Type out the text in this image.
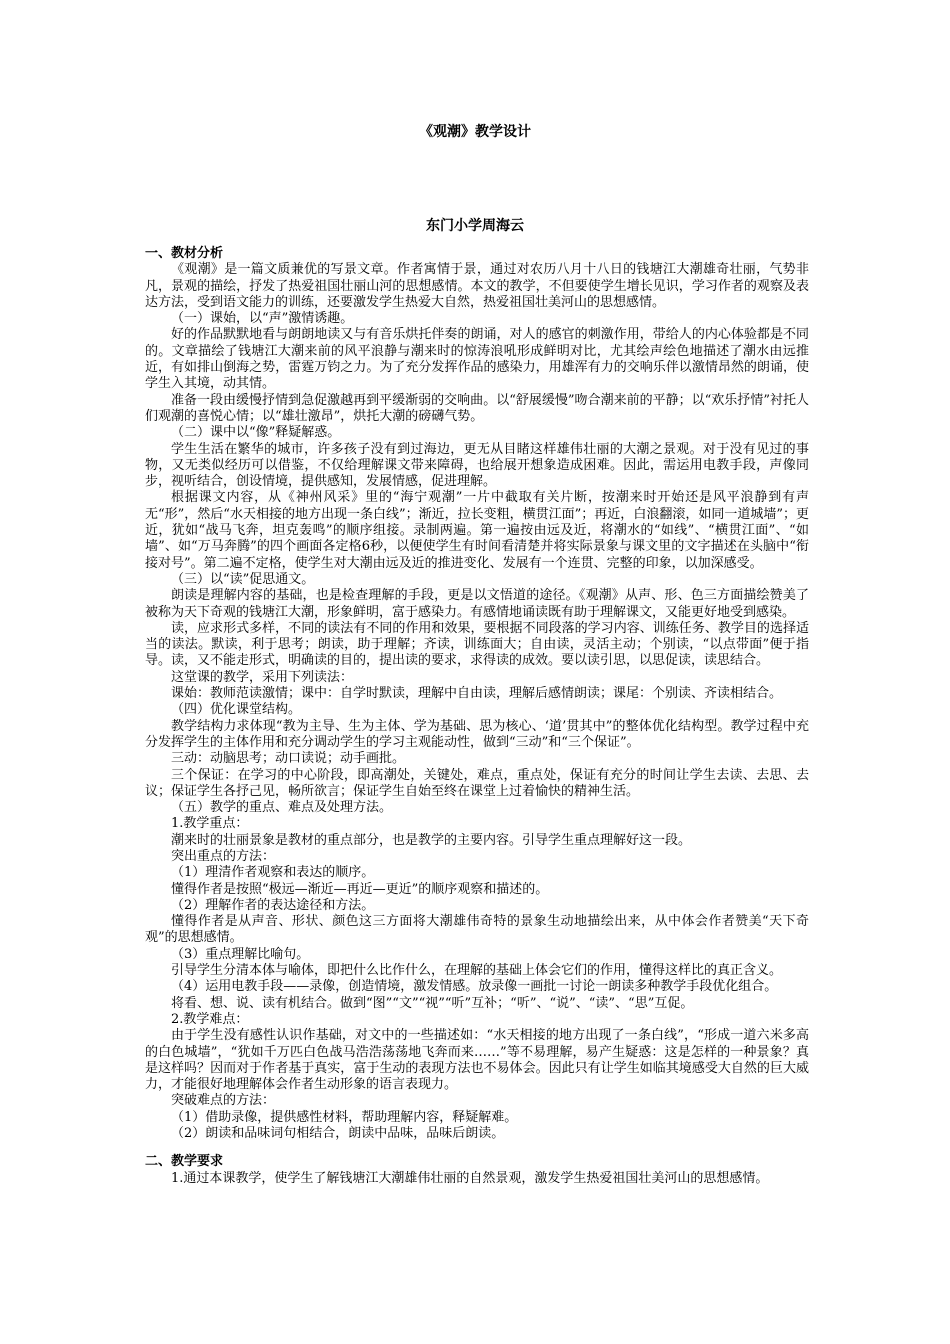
《观潮》教学设计
东门小学周海云

一、教材分析

《观潮》是一篇文质兼优的写景文章。作者寓情于景，通过对农历八月十八日的钱塘江大潮雄奇壮丽，气势非凡，景观的描绘，抒发了热爱祖国壮丽山河的思想感情。本文的教学，不但要使学生增长见识，学习作者的观察及表达方法，受到语文能力的训练，还要激发学生热爱大自然，热爱祖国壮美河山的思想感情。

（一）课始，以“声”激情诱趣。

好的作品默默地看与朗朗地读又与有音乐烘托伴奏的朗诵，对人的感官的刺激作用，带给人的内心体验都是不同的。文章描绘了钱塘江大潮来前的风平浪静与潮来时的惊涛浪吼形成鲜明对比，尤其绘声绘色地描述了潮水由远推近，有如排山倒海之势，雷霆万钧之力。为了充分发挥作品的感染力，用雄浑有力的交响乐伴以激情昂然的朗诵，使学生入其境，动其情。

准备一段由缓慢抒情到急促激越再到平缓渐弱的交响曲。以“舒展缓慢”吻合潮来前的平静；以“欢乐抒情”衬托人们观潮的喜悦心情；以“雄壮激昂”，烘托大潮的磅礴气势。

（二）课中以“像”释疑解惑。

学生生活在繁华的城市，许多孩子没有到过海边，更无从目睹这样雄伟壮丽的大潮之景观。对于没有见过的事物，又无类似经历可以借鉴，不仅给理解课文带来障碍，也给展开想象造成困难。因此，需运用电教手段，声像同步，视听结合，创设情境，提供感知，发展情感，促进理解。

根据课文内容，从《神州风采》里的“海宁观潮”一片中截取有关片断，按潮来时开始还是风平浪静到有声无“形”，然后“水天相接的地方出现一条白线”；渐近，拉长变粗，横贯江面”；再近，白浪翻滚，如同一道城墙”；更近，犹如“战马飞奔，坦克轰鸣”的顺序组接。录制两遍。第一遍按由远及近，将潮水的“如线”、“横贯江面”、“如墙”、如“万马奔腾”的四个画面各定格6秒，以便使学生有时间看清楚并将实际景象与课文里的文字描述在头脑中“衔接对号”。第二遍不定格，使学生对大潮由远及近的推进变化、发展有一个连贯、完整的印象，以加深感受。

（三）以“读”促思通文。

朗读是理解内容的基础，也是检查理解的手段，更是以文悟道的途径。《观潮》从声、形、色三方面描绘赞美了被称为天下奇观的钱塘江大潮，形象鲜明，富于感染力。有感情地诵读既有助于理解课文，又能更好地受到感染。

读，应求形式多样，不同的读法有不同的作用和效果，要根据不同段落的学习内容、训练任务、教学目的选择适当的读法。默读，利于思考；朗读，助于理解；齐读，训练面大；自由读，灵活主动；个别读，“以点带面”便于指导。读，又不能走形式，明确读的目的，提出读的要求，求得读的成效。要以读引思，以思促读，读思结合。

这堂课的教学，采用下列读法：

课始：教师范读激情；课中：自学时默读，理解中自由读，理解后感情朗读；课尾：个别读、齐读相结合。

（四）优化课堂结构。

教学结构力求体现“教为主导、生为主体、学为基础、思为核心、‘道’贯其中”的整体优化结构型。教学过程中充分发挥学生的主体作用和充分调动学生的学习主观能动性，做到“三动”和“三个保证”。

三动：动脑思考；动口读说；动手画批。

三个保证：在学习的中心阶段，即高潮处，关键处，难点，重点处，保证有充分的时间让学生去读、去思、去议；保证学生各抒己见，畅所欲言；保证学生自始至终在课堂上过着愉快的精神生活。

（五）教学的重点、难点及处理方法。

1.教学重点：

潮来时的壮丽景象是教材的重点部分，也是教学的主要内容。引导学生重点理解好这一段。

突出重点的方法：

（1）理清作者观察和表达的顺序。

懂得作者是按照“极远—渐近—再近—更近”的顺序观察和描述的。

（2）理解作者的表达途径和方法。

懂得作者是从声音、形状、颜色这三方面将大潮雄伟奇特的景象生动地描绘出来，从中体会作者赞美“天下奇观”的思想感情。

（3）重点理解比喻句。

引导学生分清本体与喻体，即把什么比作什么，在理解的基础上体会它们的作用，懂得这样比的真正含义。

（4）运用电教手段——录像，创造情境，激发情感。放录像一画批一讨论一朗读多种教学手段优化组合。

将看、想、说、读有机结合。做到“图”“文”“视”“听”互补；“听”、“说”、“读”、“思”互促。

2.教学难点：

由于学生没有感性认识作基础，对文中的一些描述如：“水天相接的地方出现了一条白线”，“形成一道六米多高的白色城墙”，“犹如千万匹白色战马浩浩荡荡地飞奔而来……”等不易理解，易产生疑惑：这是怎样的一种景象？真是这样吗？因而对于作者基于真实，富于生动的表现方法也不易体会。因此只有让学生如临其境感受大自然的巨大威力，才能很好地理解体会作者生动形象的语言表现力。

突破难点的方法：

（1）借助录像，提供感性材料，帮助理解内容，释疑解难。

（2）朗读和品味词句相结合，朗读中品味，品味后朗读。

二、教学要求

1.通过本课教学，使学生了解钱塘江大潮雄伟壮丽的自然景观，激发学生热爱祖国壮美河山的思想感情。
